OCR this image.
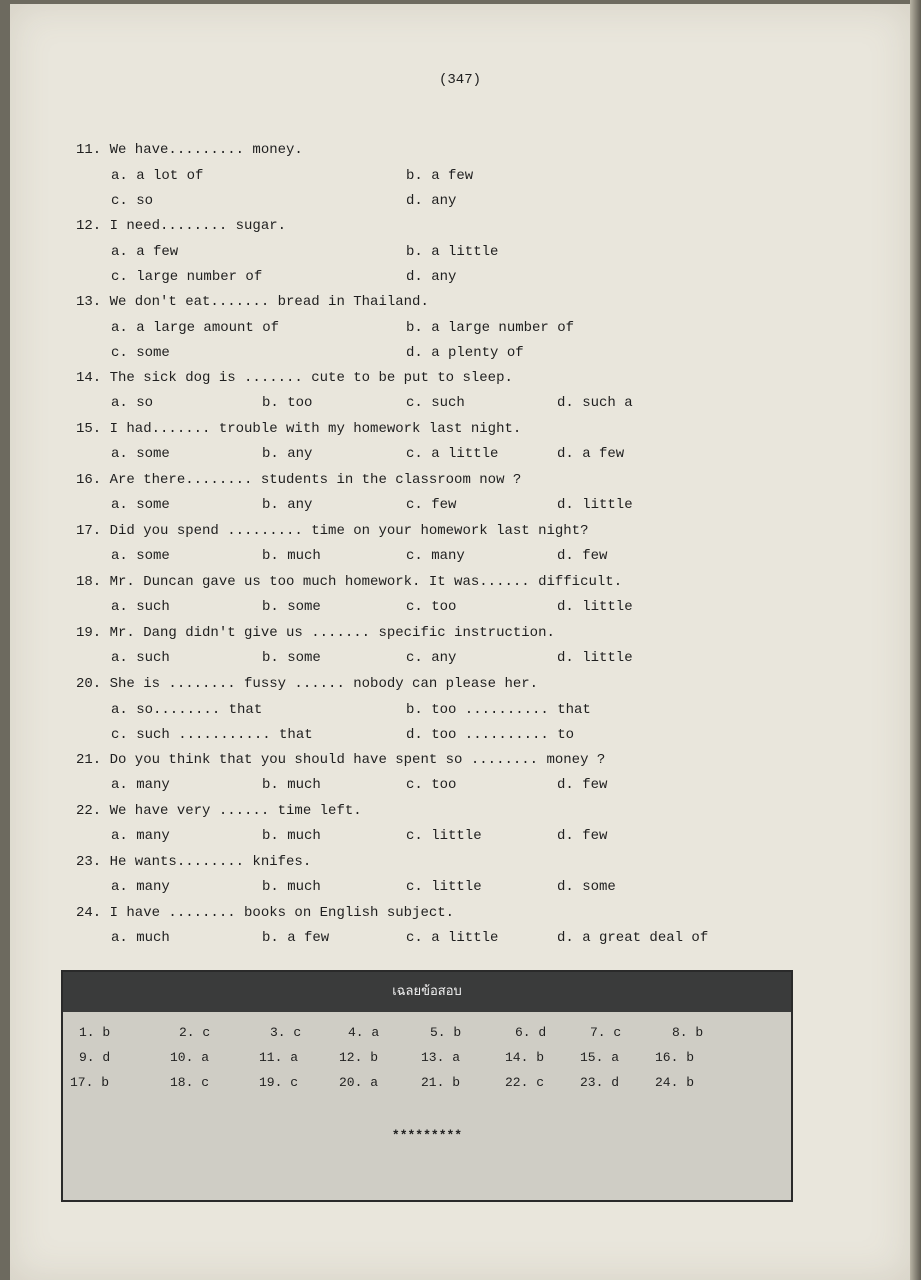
(347)
11. We have......... money.
a. a lot of	b. a few
c. so	d. any
12. I need........ sugar.
a. a few	b. a little
c. large number of	d. any
13. We don't eat....... bread in Thailand.
a. a large amount of	b. a large number of
c. some	d. a plenty of
14. The sick dog is ....... cute to be put to sleep.
a. so	b. too	c. such	d. such a
15. I had....... trouble with my homework last night.
a. some	b. any	c. a little	d. a few
16. Are there........ students in the classroom now ?
a. some	b. any	c. few	d. little
17. Did you spend ......... time on your homework last night?
a. some	b. much	c. many	d. few
18. Mr. Duncan gave us too much homework. It was...... difficult.
a. such	b. some	c. too	d. little
19. Mr. Dang didn't give us ....... specific instruction.
a. such	b. some	c. any	d. little
20. She is ........ fussy ...... nobody can please her.
a. so........ that	b. too .......... that
c. such ........... that	d. too .......... to
21. Do you think that you should have spent so ........ money ?
a. many	b. much	c. too	d. few
22. We have very ...... time left.
a. many	b. much	c. little	d. few
23. He wants........ knifes.
a. many	b. much	c. little	d. some
24. I have ........ books on English subject.
a. much	b. a few	c. a little	d. a great deal of
เฉลยข้อสอบ
1. b	2. c	3. c	4. a	5. b	6. d	7. c	8. b
9. d	10. a	11. a	12. b	13. a	14. b	15. a	16. b
17. b	18. c	19. c	20. a	21. b	22. c	23. d	24. b
*********
